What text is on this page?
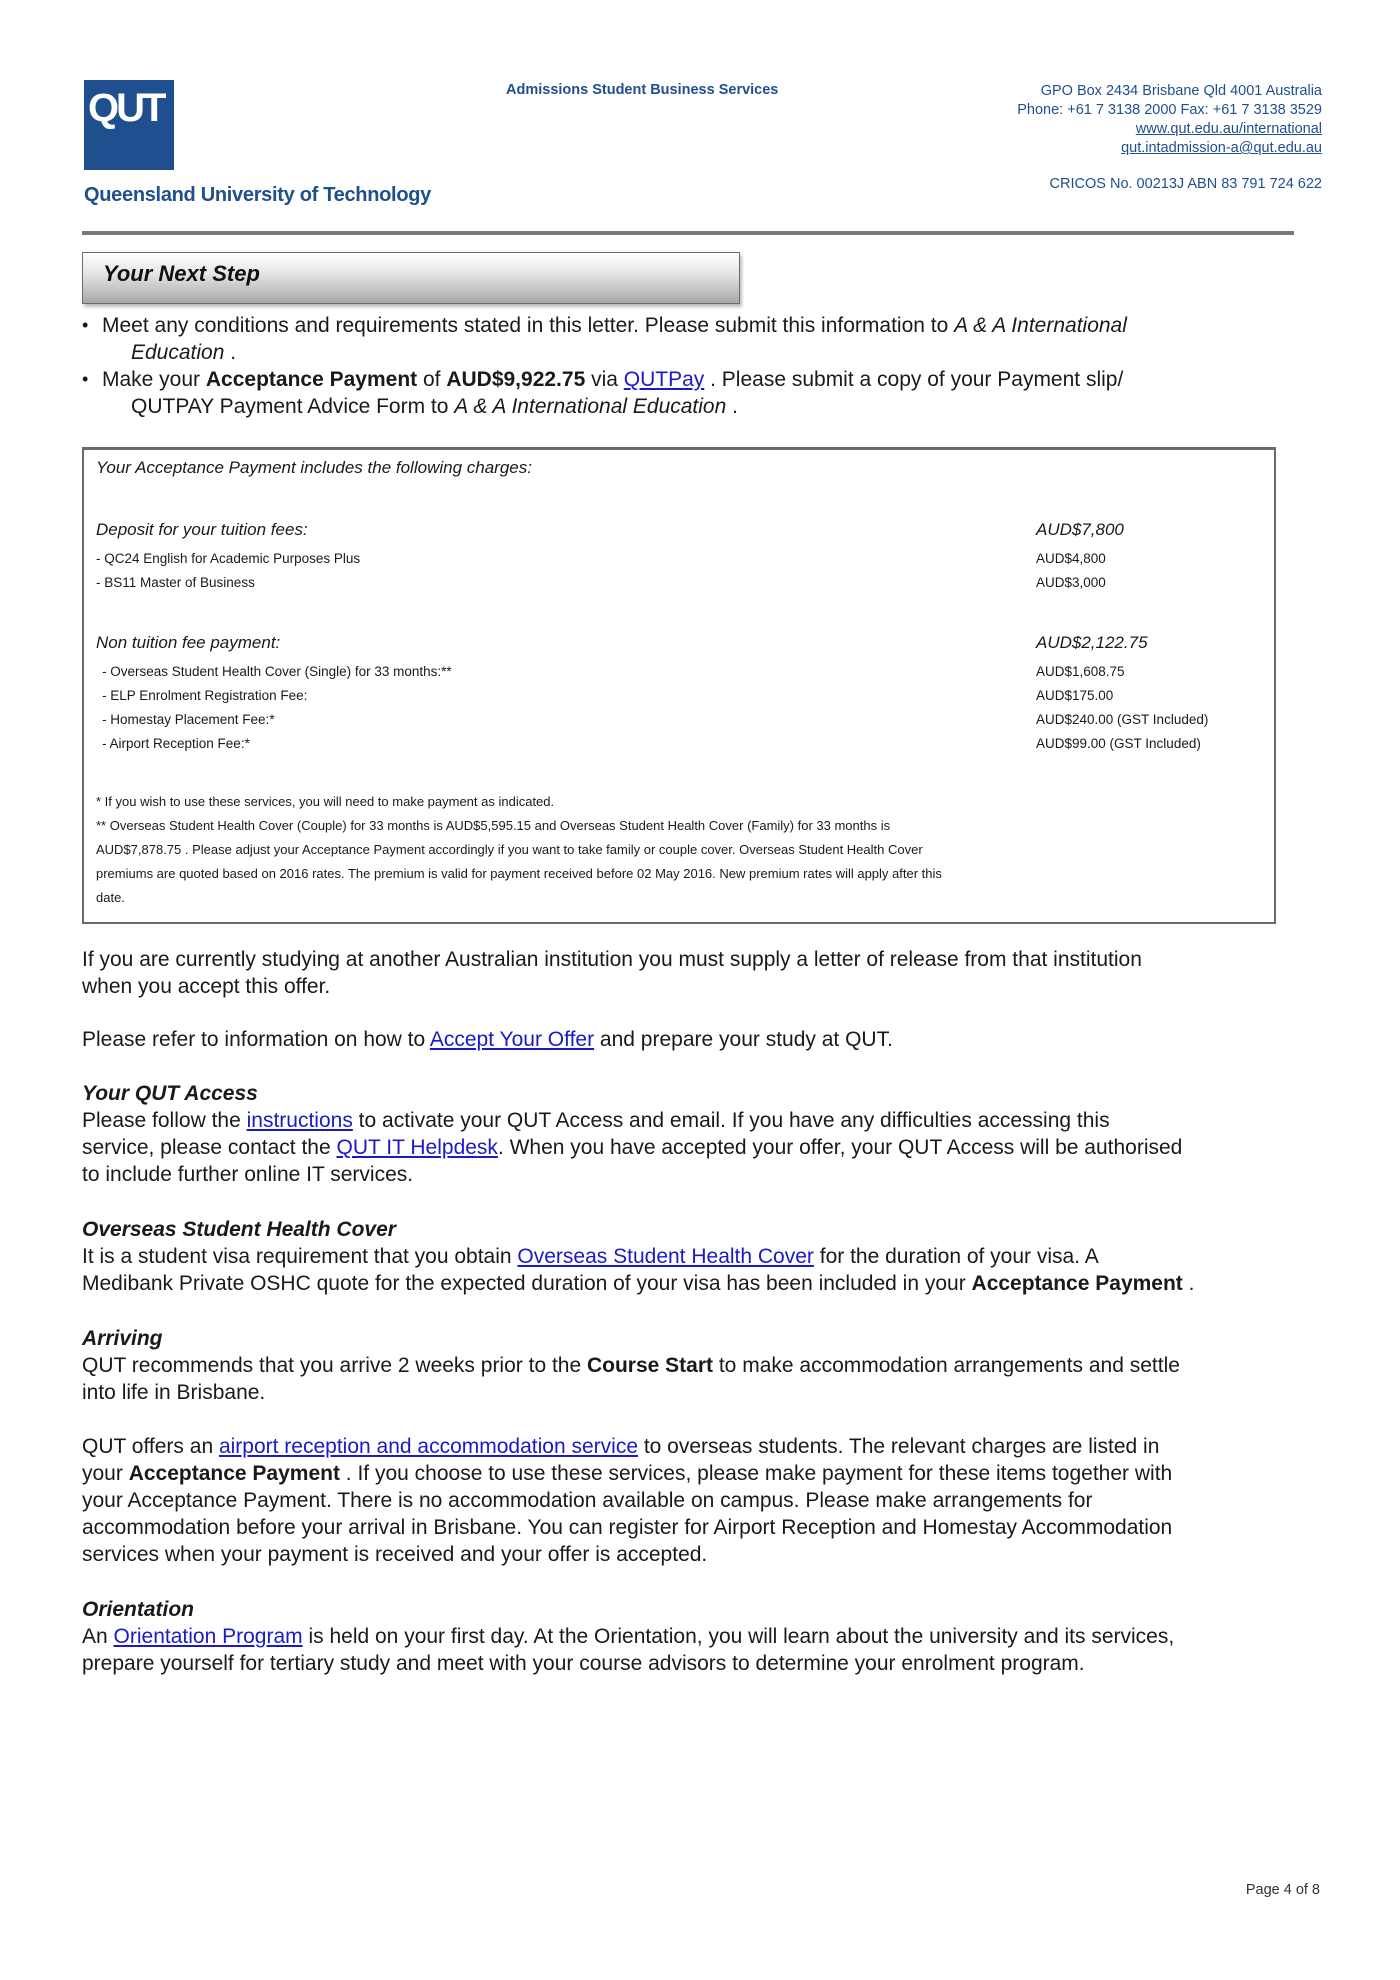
QUT
Queensland University of Technology
Admissions Student Business Services	GPO Box 2434 Brisbane Qld 4001 Australia
Phone: +61 7 3138 2000 Fax: +61 7 3138 3529
www.qut.edu.au/international
qut.intadmission-a@qut.edu.au
CRICOS No. 00213J ABN 83 791 724 622
Your Next Step
• Meet any conditions and requirements stated in this letter. Please submit this information to A & A International
Education .
• Make your Acceptance Payment of AUD$9,922.75 via QUTPay . Please submit a copy of your Payment slip/
QUTPAY Payment Advice Form to A & A International Education .
Your Acceptance Payment includes the following charges:
Deposit for your tuition fees:	AUD$7,800
- QC24 English for Academic Purposes Plus	AUD$4,800
- BS11 Master of Business	AUD$3,000
Non tuition fee payment:	AUD$2,122.75
- Overseas Student Health Cover (Single) for 33 months:**	AUD$1,608.75
- ELP Enrolment Registration Fee:	AUD$175.00
- Homestay Placement Fee:*	AUD$240.00 (GST Included)
- Airport Reception Fee:*	AUD$99.00 (GST Included)
* If you wish to use these services, you will need to make payment as indicated.
** Overseas Student Health Cover (Couple) for 33 months is AUD$5,595.15 and Overseas Student Health Cover (Family) for 33 months is
AUD$7,878.75 . Please adjust your Acceptance Payment accordingly if you want to take family or couple cover. Overseas Student Health Cover
premiums are quoted based on 2016 rates. The premium is valid for payment received before 02 May 2016. New premium rates will apply after this
date.
If you are currently studying at another Australian institution you must supply a letter of release from that institution
when you accept this offer.
Please refer to information on how to Accept Your Offer and prepare your study at QUT.
Your QUT Access
Please follow the instructions to activate your QUT Access and email. If you have any difficulties accessing this
service, please contact the QUT IT Helpdesk. When you have accepted your offer, your QUT Access will be authorised
to include further online IT services.
Overseas Student Health Cover
It is a student visa requirement that you obtain Overseas Student Health Cover for the duration of your visa. A
Medibank Private OSHC quote for the expected duration of your visa has been included in your Acceptance Payment .
Arriving
QUT recommends that you arrive 2 weeks prior to the Course Start to make accommodation arrangements and settle
into life in Brisbane.
QUT offers an airport reception and accommodation service to overseas students. The relevant charges are listed in
your Acceptance Payment . If you choose to use these services, please make payment for these items together with
your Acceptance Payment. There is no accommodation available on campus. Please make arrangements for
accommodation before your arrival in Brisbane. You can register for Airport Reception and Homestay Accommodation
services when your payment is received and your offer is accepted.
Orientation
An Orientation Program is held on your first day. At the Orientation, you will learn about the university and its services,
prepare yourself for tertiary study and meet with your course advisors to determine your enrolment program.
Page 4 of 8
